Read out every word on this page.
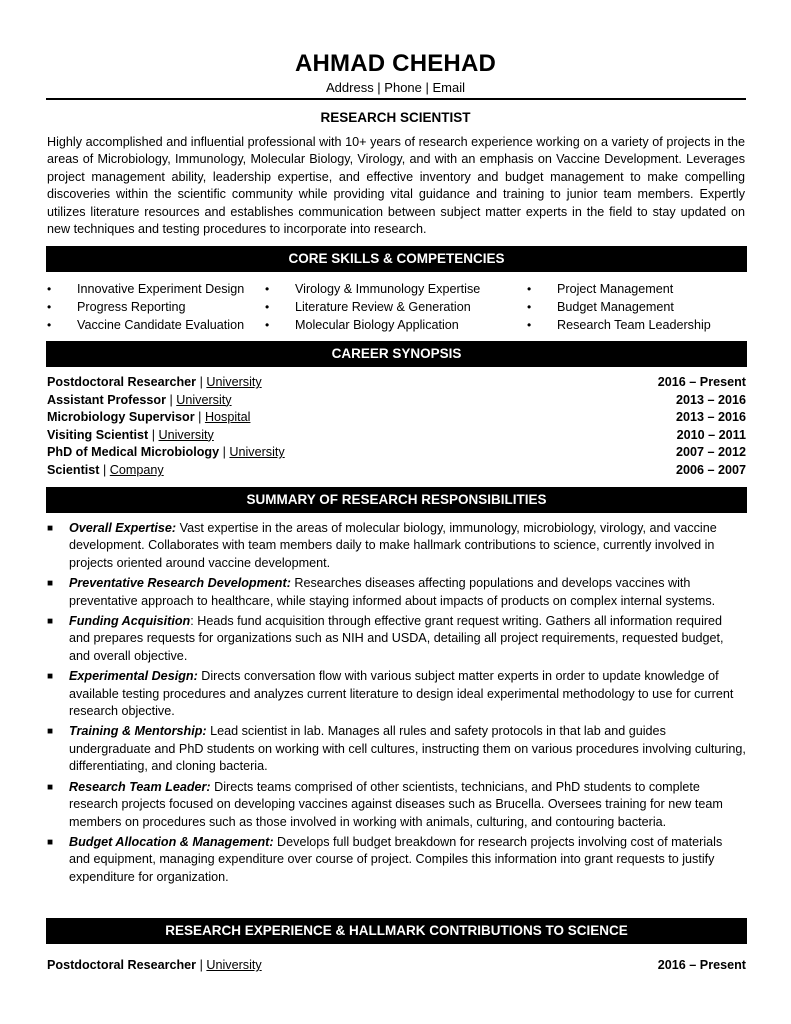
AHMAD CHEHAD
Address | Phone | Email
RESEARCH SCIENTIST
Highly accomplished and influential professional with 10+ years of research experience working on a variety of projects in the areas of Microbiology, Immunology, Molecular Biology, Virology, and with an emphasis on Vaccine Development. Leverages project management ability, leadership expertise, and effective inventory and budget management to make compelling discoveries within the scientific community while providing vital guidance and training to junior team members. Expertly utilizes literature resources and establishes communication between subject matter experts in the field to stay updated on new techniques and testing procedures to incorporate into research.
CORE SKILLS & COMPETENCIES
• Innovative Experiment Design
• Progress Reporting
• Vaccine Candidate Evaluation
• Virology & Immunology Expertise
• Literature Review & Generation
• Molecular Biology Application
• Project Management
• Budget Management
• Research Team Leadership
CAREER SYNOPSIS
Postdoctoral Researcher | University	2016 – Present
Assistant Professor | University	2013 – 2016
Microbiology Supervisor | Hospital	2013 – 2016
Visiting Scientist | University	2010 – 2011
PhD of Medical Microbiology | University	2007 – 2012
Scientist | Company	2006 – 2007
SUMMARY OF RESEARCH RESPONSIBILITIES
■ Overall Expertise: Vast expertise in the areas of molecular biology, immunology, microbiology, virology, and vaccine development. Collaborates with team members daily to make hallmark contributions to science, currently involved in projects oriented around vaccine development.
■ Preventative Research Development: Researches diseases affecting populations and develops vaccines with preventative approach to healthcare, while staying informed about impacts of products on complex internal systems.
■ Funding Acquisition: Heads fund acquisition through effective grant request writing. Gathers all information required and prepares requests for organizations such as NIH and USDA, detailing all project requirements, requested budget, and overall objective.
■ Experimental Design: Directs conversation flow with various subject matter experts in order to update knowledge of available testing procedures and analyzes current literature to design ideal experimental methodology to use for current research objective.
■ Training & Mentorship: Lead scientist in lab. Manages all rules and safety protocols in that lab and guides undergraduate and PhD students on working with cell cultures, instructing them on various procedures involving culturing, differentiating, and cloning bacteria.
■ Research Team Leader: Directs teams comprised of other scientists, technicians, and PhD students to complete research projects focused on developing vaccines against diseases such as Brucella. Oversees training for new team members on procedures such as those involved in working with animals, culturing, and contouring bacteria.
■ Budget Allocation & Management: Develops full budget breakdown for research projects involving cost of materials and equipment, managing expenditure over course of project. Compiles this information into grant requests to justify expenditure for organization.
RESEARCH EXPERIENCE & HALLMARK CONTRIBUTIONS TO SCIENCE
Postdoctoral Researcher | University	2016 – Present
